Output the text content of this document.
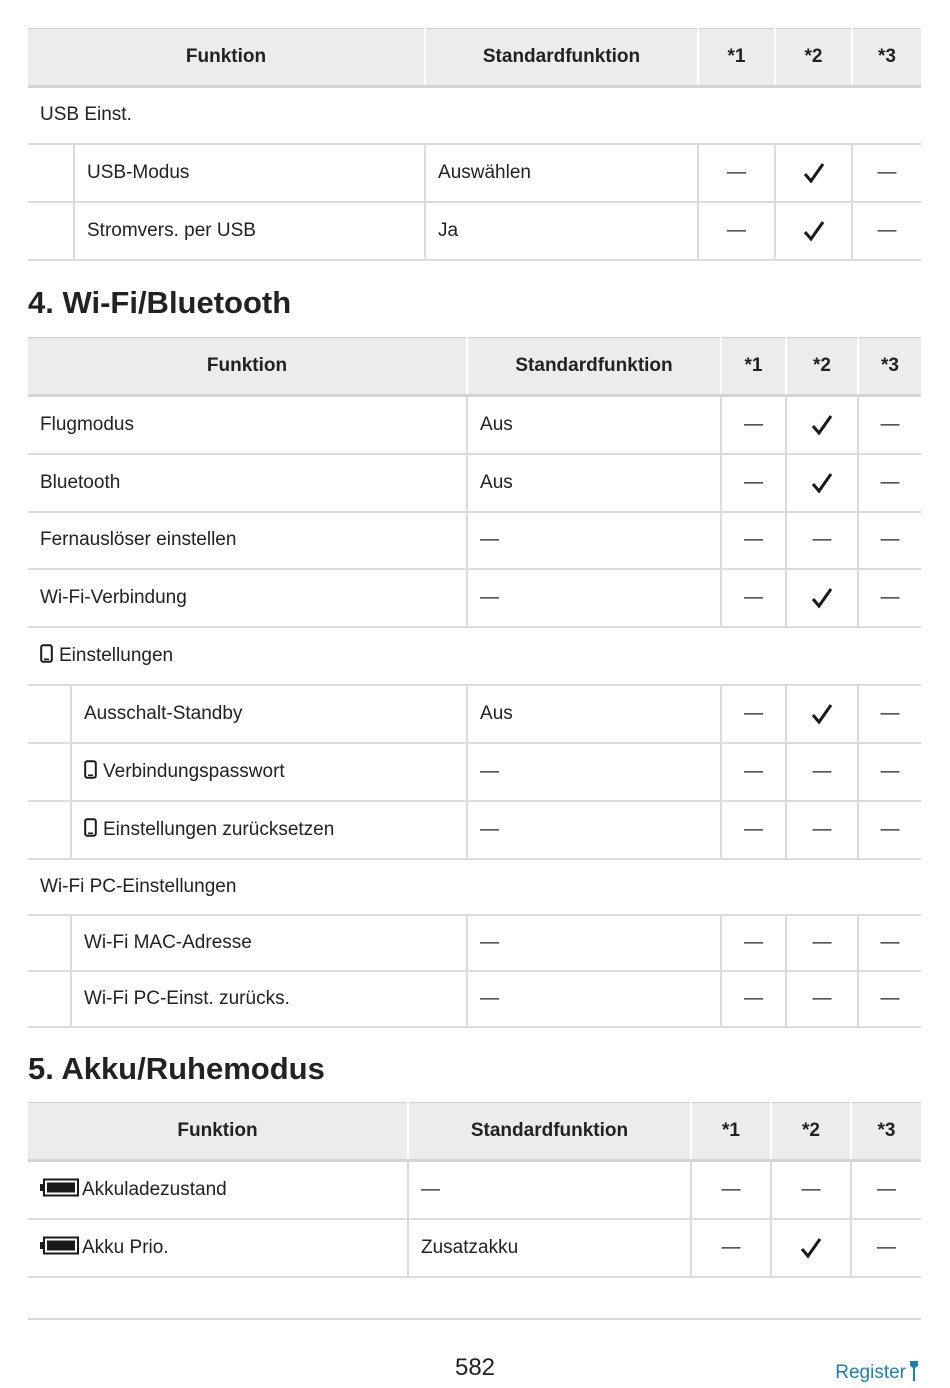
Funktion		Standardfunktion	*1	*2	*3
USB Einst.					
	USB-Modus	Auswählen	—		—
	Stromvers. per USB	Ja	—		—
4. Wi-Fi/Bluetooth
Funktion		Standardfunktion	*1	*2	*3
Flugmodus		Aus	—		—
Bluetooth		Aus	—		—
Fernauslöser einstellen		—	—	—	—
Wi-Fi-Verbindung		—	—		—

Einstellungen					
	Ausschalt-Standby	Aus	—		—

Verbindungspasswort	—	—	—	—

Einstellungen zurücksetzen	—	—	—	—
Wi-Fi PC-Einstellungen					
	Wi-Fi MAC-Adresse	—	—	—	—
	Wi-Fi PC-Einst. zurücks.	—	—	—	—
5. Akku/Ruhemodus
Funktion	Standardfunktion	*1	*2	*3

Akkuladezustand	—	—	—	—

Akku Prio.	Zusatzakku	—		—
582	Register
